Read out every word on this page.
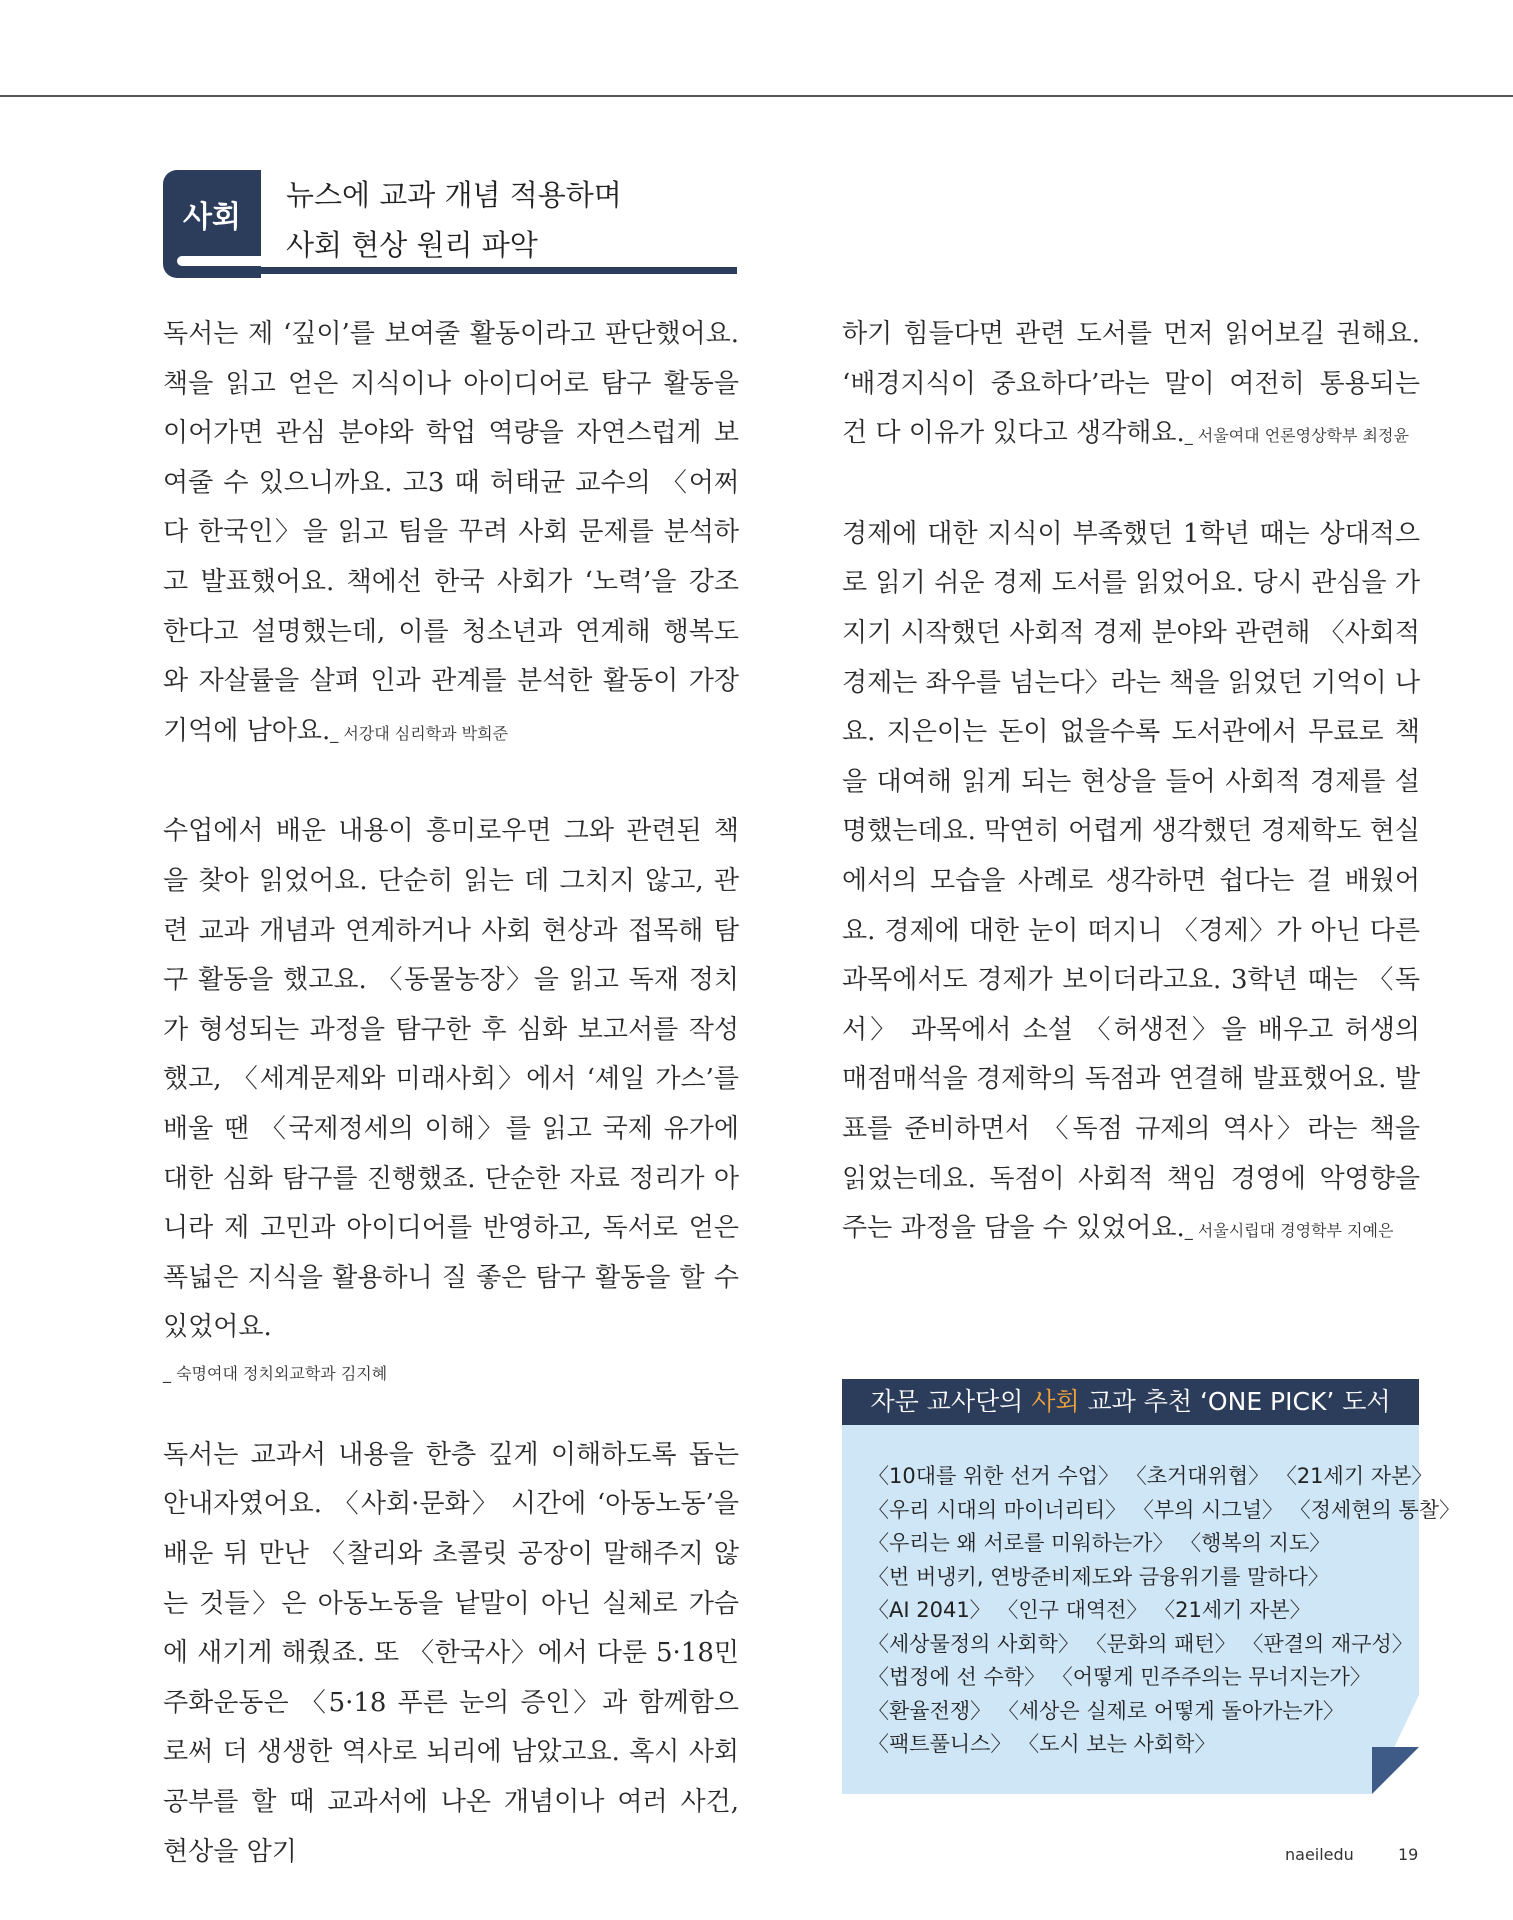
사회
뉴스에 교과 개념 적용하며
사회 현상 원리 파악

독서는 제 ‘깊이’를 보여줄 활동이라고 판단했어요. 책을 읽고 얻은 지식이나 아이디어로 탐구 활동을 이어가면 관심 분야와 학업 역량을 자연스럽게 보여줄 수 있으니까요. 고3 때 허태균 교수의 〈어쩌다 한국인〉을 읽고 팀을 꾸려 사회 문제를 분석하고 발표했어요. 책에선 한국 사회가 ‘노력’을 강조한다고 설명했는데, 이를 청소년과 연계해 행복도와 자살률을 살펴 인과 관계를 분석한 활동이 가장 기억에 남아요._ 서강대 심리학과 박희준

수업에서 배운 내용이 흥미로우면 그와 관련된 책을 찾아 읽었어요. 단순히 읽는 데 그치지 않고, 관련 교과 개념과 연계하거나 사회 현상과 접목해 탐구 활동을 했고요. 〈동물농장〉을 읽고 독재 정치가 형성되는 과정을 탐구한 후 심화 보고서를 작성했고, 〈세계문제와 미래사회〉에서 ‘셰일 가스’를 배울 땐 〈국제정세의 이해〉를 읽고 국제 유가에 대한 심화 탐구를 진행했죠. 단순한 자료 정리가 아니라 제 고민과 아이디어를 반영하고, 독서로 얻은 폭넓은 지식을 활용하니 질 좋은 탐구 활동을 할 수 있었어요.

_ 숙명여대 정치외교학과 김지혜

독서는 교과서 내용을 한층 깊게 이해하도록 돕는 안내자였어요. 〈사회·문화〉 시간에 ‘아동노동’을 배운 뒤 만난 〈찰리와 초콜릿 공장이 말해주지 않는 것들〉은 아동노동을 낱말이 아닌 실체로 가슴에 새기게 해줬죠. 또 〈한국사〉에서 다룬 5·18민주화운동은 〈5·18 푸른 눈의 증인〉과 함께함으로써 더 생생한 역사로 뇌리에 남았고요. 혹시 사회 공부를 할 때 교과서에 나온 개념이나 여러 사건, 현상을 암기

하기 힘들다면 관련 도서를 먼저 읽어보길 권해요. ‘배경지식이 중요하다’라는 말이 여전히 통용되는 건 다 이유가 있다고 생각해요._ 서울여대 언론영상학부 최정윤

경제에 대한 지식이 부족했던 1학년 때는 상대적으로 읽기 쉬운 경제 도서를 읽었어요. 당시 관심을 가지기 시작했던 사회적 경제 분야와 관련해 〈사회적 경제는 좌우를 넘는다〉라는 책을 읽었던 기억이 나요. 지은이는 돈이 없을수록 도서관에서 무료로 책을 대여해 읽게 되는 현상을 들어 사회적 경제를 설명했는데요. 막연히 어렵게 생각했던 경제학도 현실에서의 모습을 사례로 생각하면 쉽다는 걸 배웠어요. 경제에 대한 눈이 떠지니 〈경제〉가 아닌 다른 과목에서도 경제가 보이더라고요. 3학년 때는 〈독서〉 과목에서 소설 〈허생전〉을 배우고 허생의 매점매석을 경제학의 독점과 연결해 발표했어요. 발표를 준비하면서 〈독점 규제의 역사〉라는 책을 읽었는데요. 독점이 사회적 책임 경영에 악영향을 주는 과정을 담을 수 있었어요._ 서울시립대 경영학부 지예은

자문 교사단의 사회 교과 추천 ‘ONE PICK’ 도서
〈10대를 위한 선거 수업〉 〈초거대위협〉 〈21세기 자본〉
〈우리 시대의 마이너리티〉 〈부의 시그널〉 〈정세현의 통찰〉
〈우리는 왜 서로를 미워하는가〉 〈행복의 지도〉
〈번 버냉키, 연방준비제도와 금융위기를 말하다〉
〈AI 2041〉 〈인구 대역전〉 〈21세기 자본〉
〈세상물정의 사회학〉 〈문화의 패턴〉 〈판결의 재구성〉
〈법정에 선 수학〉 〈어떻게 민주주의는 무너지는가〉
〈환율전쟁〉 〈세상은 실제로 어떻게 돌아가는가〉
〈팩트풀니스〉 〈도시 보는 사회학〉
naeiledu	19
